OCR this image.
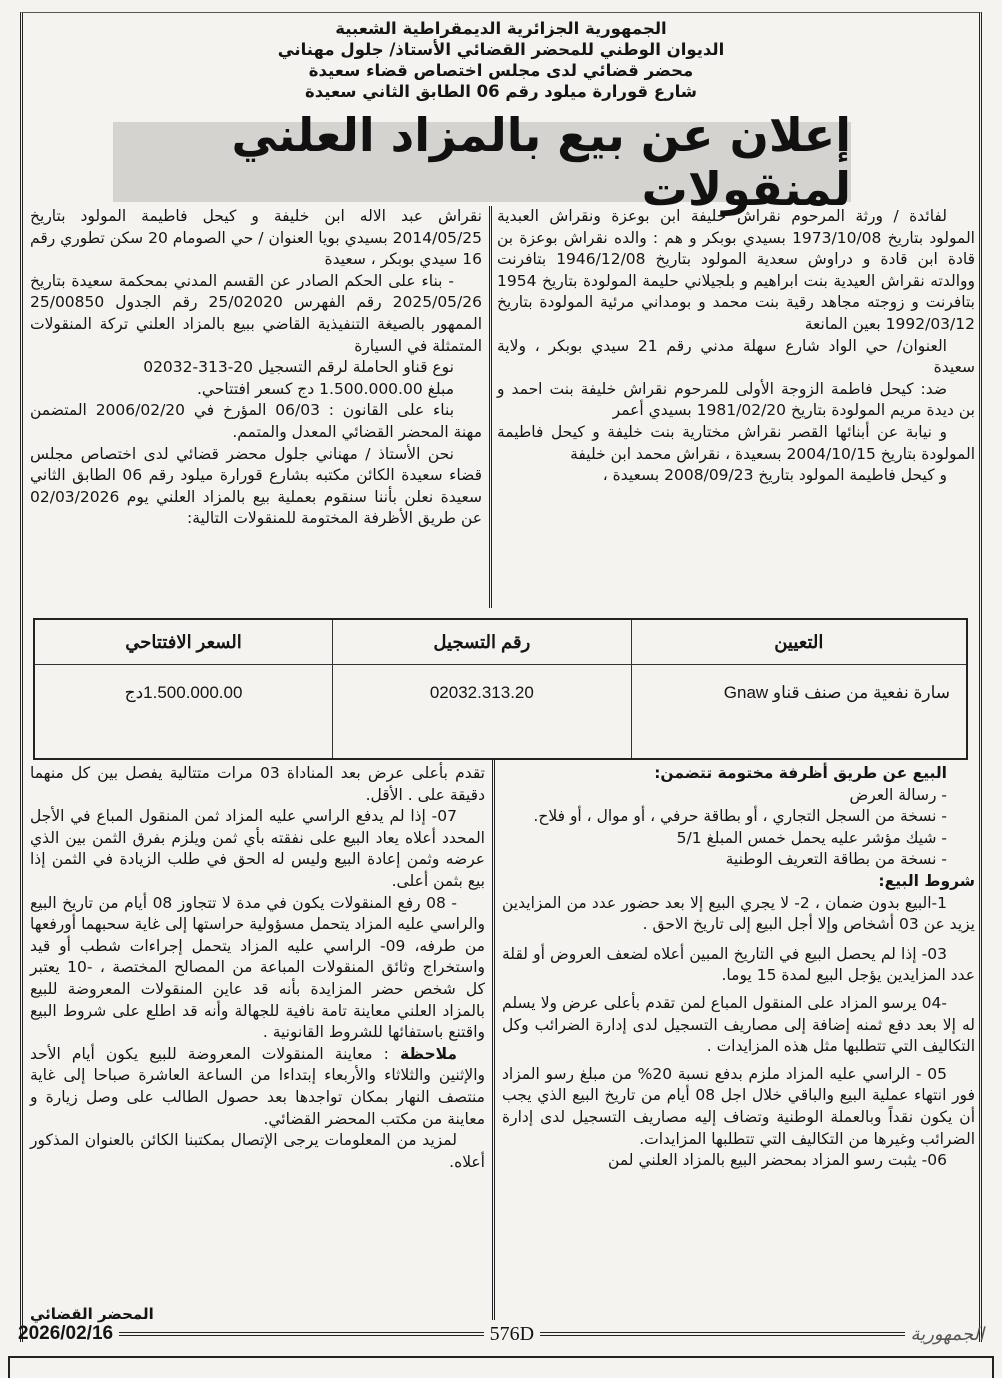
الجمهورية الجزائرية الديمقراطية الشعبية
الديوان الوطني للمحضر القضائي الأستاذ/ جلول مهناني
محضر قضائي لدى مجلس اختصاص قضاء سعيدة
شارع قورارة ميلود رقم 06 الطابق الثاني سعيدة
إعلان عن بيع بالمزاد العلني لمنقولات

لفائدة / ورثة المرحوم نقراش خليفة ابن بوعزة ونقراش العبدية المولود بتاريخ 1973/10/08 بسيدي بوبكر و هم : والده نقراش بوعزة بن قادة ابن قادة و دراوش سعدية المولود بتاريخ 1946/12/08 بتافرنت ووالدته نقراش العيدية بنت ابراهيم و بلجيلاني حليمة المولودة بتاريخ 1954 بتافرنت و زوجته مجاهد رقية بنت محمد و بومداني مرئية المولودة بتاريخ 1992/03/12 بعين المانعة

العنوان/ حي الواد شارع سهلة مدني رقم 21 سيدي بوبكر ، ولاية سعيدة

ضد: كيحل فاطمة الزوجة الأولى للمرحوم نقراش خليفة بنت احمد و بن ديدة مريم المولودة بتاريخ 1981/02/20 بسيدي أعمر

و نيابة عن أبنائها القصر نقراش مختارية بنت خليفة و كيحل فاطيمة المولودة بتاريخ 2004/10/15 بسعيدة ، نقراش محمد ابن خليفة

و كيحل فاطيمة المولود بتاريخ 2008/09/23 بسعيدة ،

نقراش عبد الاله ابن خليفة و كيحل فاطيمة المولود بتاريخ 2014/05/25 بسيدي بويا العنوان / حي الصومام 20 سكن تطوري رقم 16 سيدي بوبكر ، سعيدة

- بناء على الحكم الصادر عن القسم المدني بمحكمة سعيدة بتاريخ 2025/05/26 رقم الفهرس 25/02020 رقم الجدول 25/00850 الممهور بالصيغة التنفيذية القاضي ببيع بالمزاد العلني تركة المنقولات المتمثلة في السيارة

نوع قناو الحاملة لرقم التسجيل 20-313-02032

مبلغ 1.500.000.00 دج كسعر افتتاحي.

بناء على القانون : 06/03 المؤرخ في 2006/02/20 المتضمن مهنة المحضر القضائي المعدل والمتمم.

نحن الأستاذ / مهناني جلول محضر قضائي لدى اختصاص مجلس قضاء سعيدة الكائن مكتبه بشارع قورارة ميلود رقم 06 الطابق الثاني سعيدة نعلن بأننا سنقوم بعملية بيع بالمزاد العلني يوم 02/03/2026 عن طريق الأظرفة المختومة للمنقولات التالية:

التعيين	رقم التسجيل	السعر الافتتاحي
سارة نفعية من صنف قناو Gnaw	02032.313.20	1.500.000.00دج

البيع عن طريق أظرفة مختومة تتضمن:

- رسالة العرض

- نسخة من السجل التجاري ، أو بطاقة حرفي ، أو موال ، أو فلاح.

- شيك مؤشر عليه يحمل خمس المبلغ 5/1

- نسخة من بطاقة التعريف الوطنية

شروط البيع:

1-البيع بدون ضمان ، 2- لا يجري البيع إلا بعد حضور عدد من المزايدين يزيد عن 03 أشخاص وإلا أجل البيع إلى تاريخ الاحق .

03- إذا لم يحصل البيع في التاريخ المبين أعلاه لضعف العروض أو لقلة عدد المزايدين يؤجل البيع لمدة 15 يوما.

-04 يرسو المزاد على المنقول المباع لمن تقدم بأعلى عرض ولا يسلم له إلا بعد دفع ثمنه إضافة إلى مصاريف التسجيل لدى إدارة الضرائب وكل التكاليف التي تتطلبها مثل هذه المزايدات .

05 - الراسي عليه المزاد ملزم بدفع نسبة 20% من مبلغ رسو المزاد فور انتهاء عملية البيع والباقي خلال اجل 08 أيام من تاريخ البيع الذي يجب أن يكون نقداً وبالعملة الوطنية وتضاف إليه مصاريف التسجيل لدى إدارة الضرائب وغيرها من التكاليف التي تتطلبها المزايدات.

06- يثبت رسو المزاد بمحضر البيع بالمزاد العلني لمن

تقدم بأعلى عرض بعد المناداة 03 مرات متتالية يفصل بين كل منهما دقيقة على . الأقل.

07- إذا لم يدفع الراسي عليه المزاد ثمن المنقول المباع في الأجل المحدد أعلاه يعاد البيع على نفقته بأي ثمن ويلزم بفرق الثمن بين الذي عرضه وثمن إعادة البيع وليس له الحق في طلب الزيادة في الثمن إذا بيع بثمن أعلى.

- 08 رفع المنقولات يكون في مدة لا تتجاوز 08 أيام من تاريخ البيع والراسي عليه المزاد يتحمل مسؤولية حراستها إلى غاية سحبهما أورفعها من طرفه، 09- الراسي عليه المزاد يتحمل إجراءات شطب أو قيد واستخراج وثائق المنقولات المباعة من المصالح المختصة ، -10 يعتبر كل شخص حضر المزايدة بأنه قد عاين المنقولات المعروضة للبيع بالمزاد العلني معاينة تامة نافية للجهالة وأنه قد اطلع على شروط البيع واقتنع باستفائها للشروط القانونية .

ملاحظة : معاينة المنقولات المعروضة للبيع يكون أيام الأحد والإثنين والثلاثاء والأربعاء إبتداءا من الساعة العاشرة صباحا إلى غاية منتصف النهار بمكان تواجدها بعد حصول الطالب على وصل زيارة و معاينة من مكتب المحضر القضائي.

لمزيد من المعلومات يرجى الإتصال بمكتبنا الكائن بالعنوان المذكور أعلاه.

المحضر القضائي
2026/02/16	576D	الجمهورية
